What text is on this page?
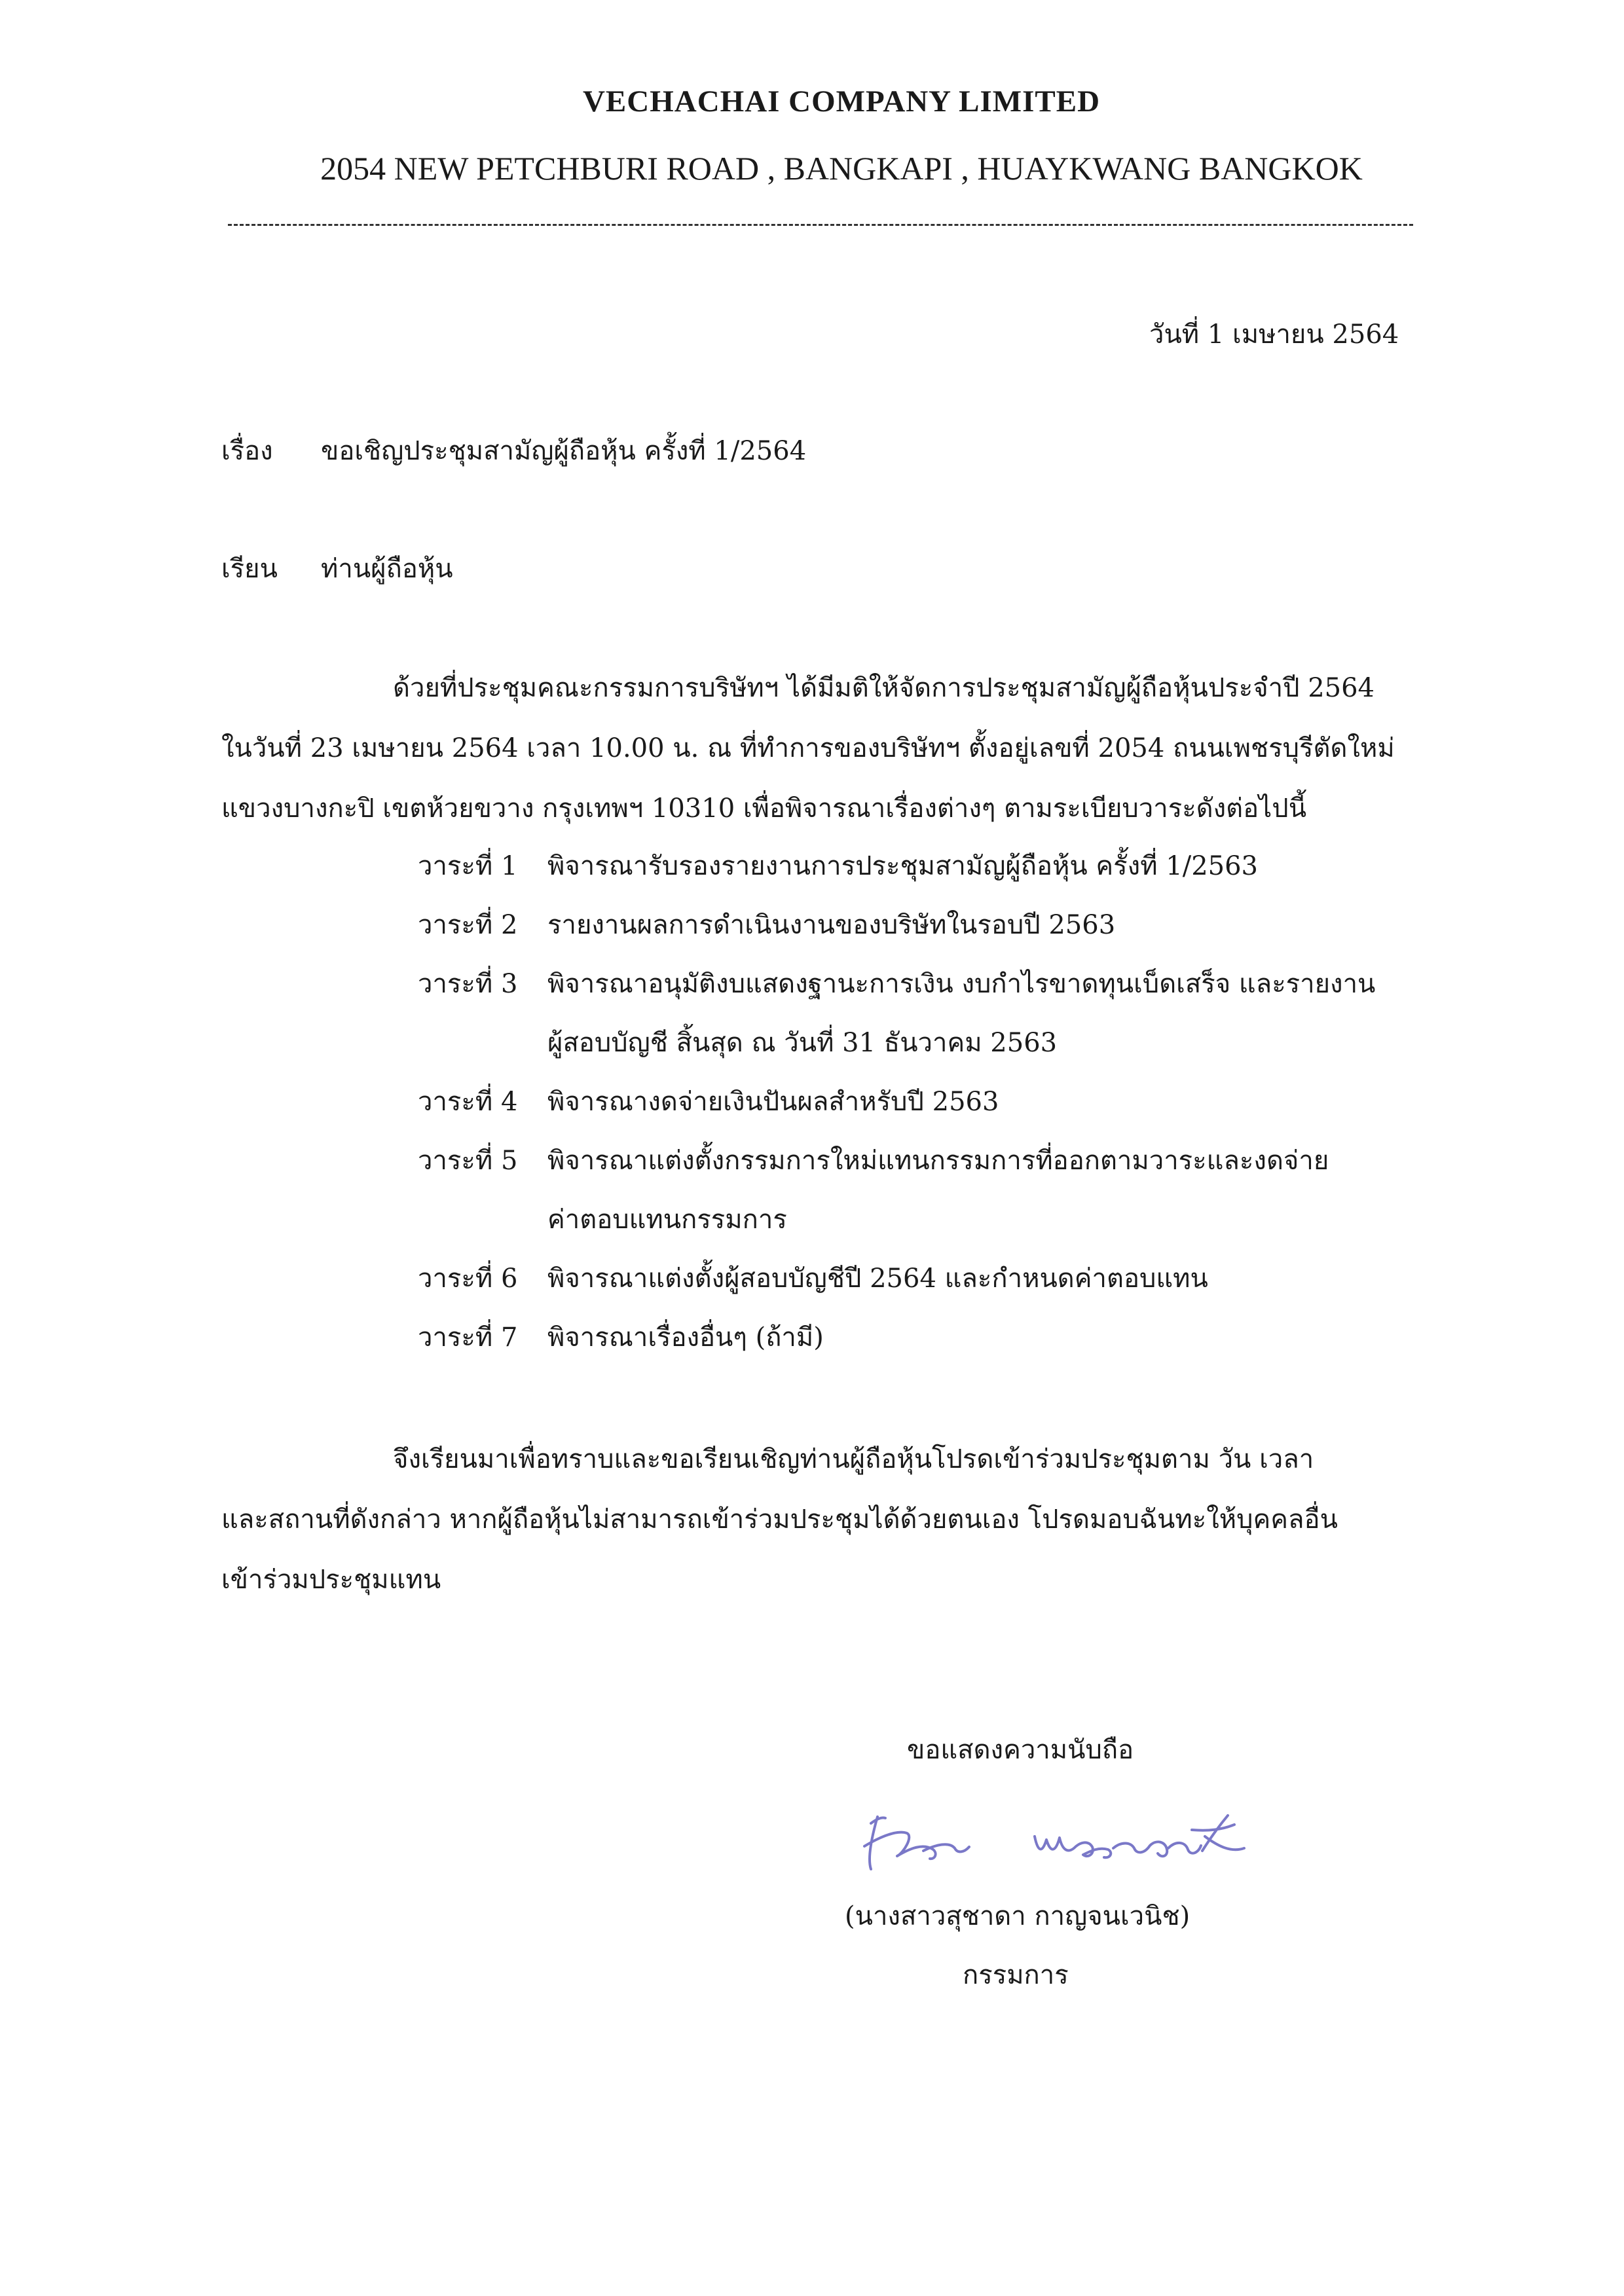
VECHACHAI COMPANY LIMITED
2054 NEW PETCHBURI ROAD , BANGKAPI , HUAYKWANG BANGKOK
วันที่ 1 เมษายน 2564
เรื่อง ขอเชิญประชุมสามัญผู้ถือหุ้น ครั้งที่ 1/2564
เรียน ท่านผู้ถือหุ้น
ด้วยที่ประชุมคณะกรรมการบริษัทฯ ได้มีมติให้จัดการประชุมสามัญผู้ถือหุ้นประจำปี 2564
ในวันที่ 23 เมษายน 2564 เวลา 10.00 น. ณ ที่ทำการของบริษัทฯ ตั้งอยู่เลขที่ 2054 ถนนเพชรบุรีตัดใหม่
แขวงบางกะปิ เขตห้วยขวาง กรุงเทพฯ 10310 เพื่อพิจารณาเรื่องต่างๆ ตามระเบียบวาระดังต่อไปนี้
วาระที่ 1	พิจารณารับรองรายงานการประชุมสามัญผู้ถือหุ้น ครั้งที่ 1/2563
วาระที่ 2	รายงานผลการดำเนินงานของบริษัทในรอบปี 2563
วาระที่ 3	พิจารณาอนุมัติงบแสดงฐานะการเงิน งบกำไรขาดทุนเบ็ดเสร็จ และรายงาน
ผู้สอบบัญชี สิ้นสุด ณ วันที่ 31 ธันวาคม 2563
วาระที่ 4	พิจารณางดจ่ายเงินปันผลสำหรับปี 2563
วาระที่ 5	พิจารณาแต่งตั้งกรรมการใหม่แทนกรรมการที่ออกตามวาระและงดจ่าย
ค่าตอบแทนกรรมการ
วาระที่ 6	พิจารณาแต่งตั้งผู้สอบบัญชีปี 2564 และกำหนดค่าตอบแทน
วาระที่ 7	พิจารณาเรื่องอื่นๆ (ถ้ามี)
จึงเรียนมาเพื่อทราบและขอเรียนเชิญท่านผู้ถือหุ้นโปรดเข้าร่วมประชุมตาม วัน เวลา
และสถานที่ดังกล่าว หากผู้ถือหุ้นไม่สามารถเข้าร่วมประชุมได้ด้วยตนเอง โปรดมอบฉันทะให้บุคคลอื่น
เข้าร่วมประชุมแทน
ขอแสดงความนับถือ
(นางสาวสุชาดา กาญจนเวนิช)
กรรมการ
